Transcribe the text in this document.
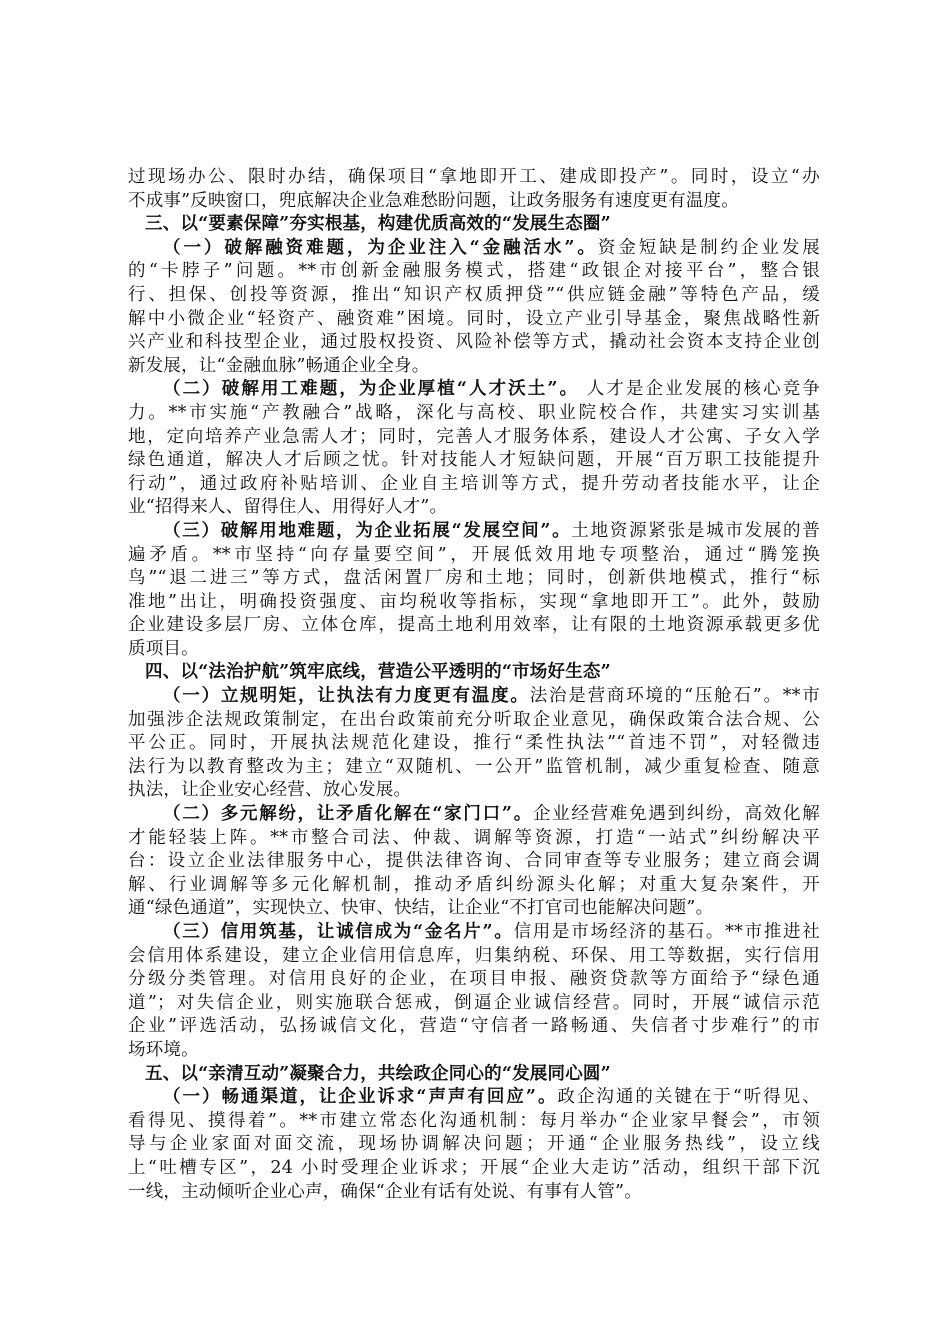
过现场办公、限时办结，确保项目“拿地即开工、建成即投产”。同时，设立“办
不成事”反映窗口，兜底解决企业急难愁盼问题，让政务服务有速度更有温度。
三、以“要素保障”夯实根基，构建优质高效的“发展生态圈”
（一）破解融资难题，为企业注入“金融活水”。资金短缺是制约企业发展
的“卡脖子”问题。**市创新金融服务模式，搭建“政银企对接平台”，整合银
行、担保、创投等资源，推出“知识产权质押贷”“供应链金融”等特色产品，缓
解中小微企业“轻资产、融资难”困境。同时，设立产业引导基金，聚焦战略性新
兴产业和科技型企业，通过股权投资、风险补偿等方式，撬动社会资本支持企业创
新发展，让“金融血脉”畅通企业全身。
（二）破解用工难题，为企业厚植“人才沃土”。 人才是企业发展的核心竞争
力。**市实施“产教融合”战略，深化与高校、职业院校合作，共建实习实训基
地，定向培养产业急需人才；同时，完善人才服务体系，建设人才公寓、子女入学
绿色通道，解决人才后顾之忧。针对技能人才短缺问题，开展“百万职工技能提升
行动”，通过政府补贴培训、企业自主培训等方式，提升劳动者技能水平，让企
业“招得来人、留得住人、用得好人才”。
（三）破解用地难题，为企业拓展“发展空间”。土地资源紧张是城市发展的普
遍矛盾。**市坚持“向存量要空间”，开展低效用地专项整治，通过“腾笼换
鸟”“退二进三”等方式，盘活闲置厂房和土地；同时，创新供地模式，推行“标
准地”出让，明确投资强度、亩均税收等指标，实现“拿地即开工”。此外，鼓励
企业建设多层厂房、立体仓库，提高土地利用效率，让有限的土地资源承载更多优
质项目。
四、以“法治护航”筑牢底线，营造公平透明的“市场好生态”
（一）立规明矩，让执法有力度更有温度。法治是营商环境的“压舱石”。**市
加强涉企法规政策制定，在出台政策前充分听取企业意见，确保政策合法合规、公
平公正。同时，开展执法规范化建设，推行“柔性执法”“首违不罚”，对轻微违
法行为以教育整改为主；建立“双随机、一公开”监管机制，减少重复检查、随意
执法，让企业安心经营、放心发展。
（二）多元解纷，让矛盾化解在“家门口”。企业经营难免遇到纠纷，高效化解
才能轻装上阵。**市整合司法、仲裁、调解等资源，打造“一站式”纠纷解决平
台：设立企业法律服务中心，提供法律咨询、合同审查等专业服务；建立商会调
解、行业调解等多元化解机制，推动矛盾纠纷源头化解；对重大复杂案件，开
通“绿色通道”，实现快立、快审、快结，让企业“不打官司也能解决问题”。
（三）信用筑基，让诚信成为“金名片”。信用是市场经济的基石。**市推进社
会信用体系建设，建立企业信用信息库，归集纳税、环保、用工等数据，实行信用
分级分类管理。对信用良好的企业，在项目申报、融资贷款等方面给予“绿色通
道”；对失信企业，则实施联合惩戒，倒逼企业诚信经营。同时，开展“诚信示范
企业”评选活动，弘扬诚信文化，营造“守信者一路畅通、失信者寸步难行”的市
场环境。
五、以“亲清互动”凝聚合力，共绘政企同心的“发展同心圆”
（一）畅通渠道，让企业诉求“声声有回应”。政企沟通的关键在于“听得见、
看得见、摸得着”。**市建立常态化沟通机制：每月举办“企业家早餐会”，市领
导与企业家面对面交流，现场协调解决问题；开通“企业服务热线”，设立线
上“吐槽专区”，24 小时受理企业诉求；开展“企业大走访”活动，组织干部下沉
一线，主动倾听企业心声，确保“企业有话有处说、有事有人管”。
